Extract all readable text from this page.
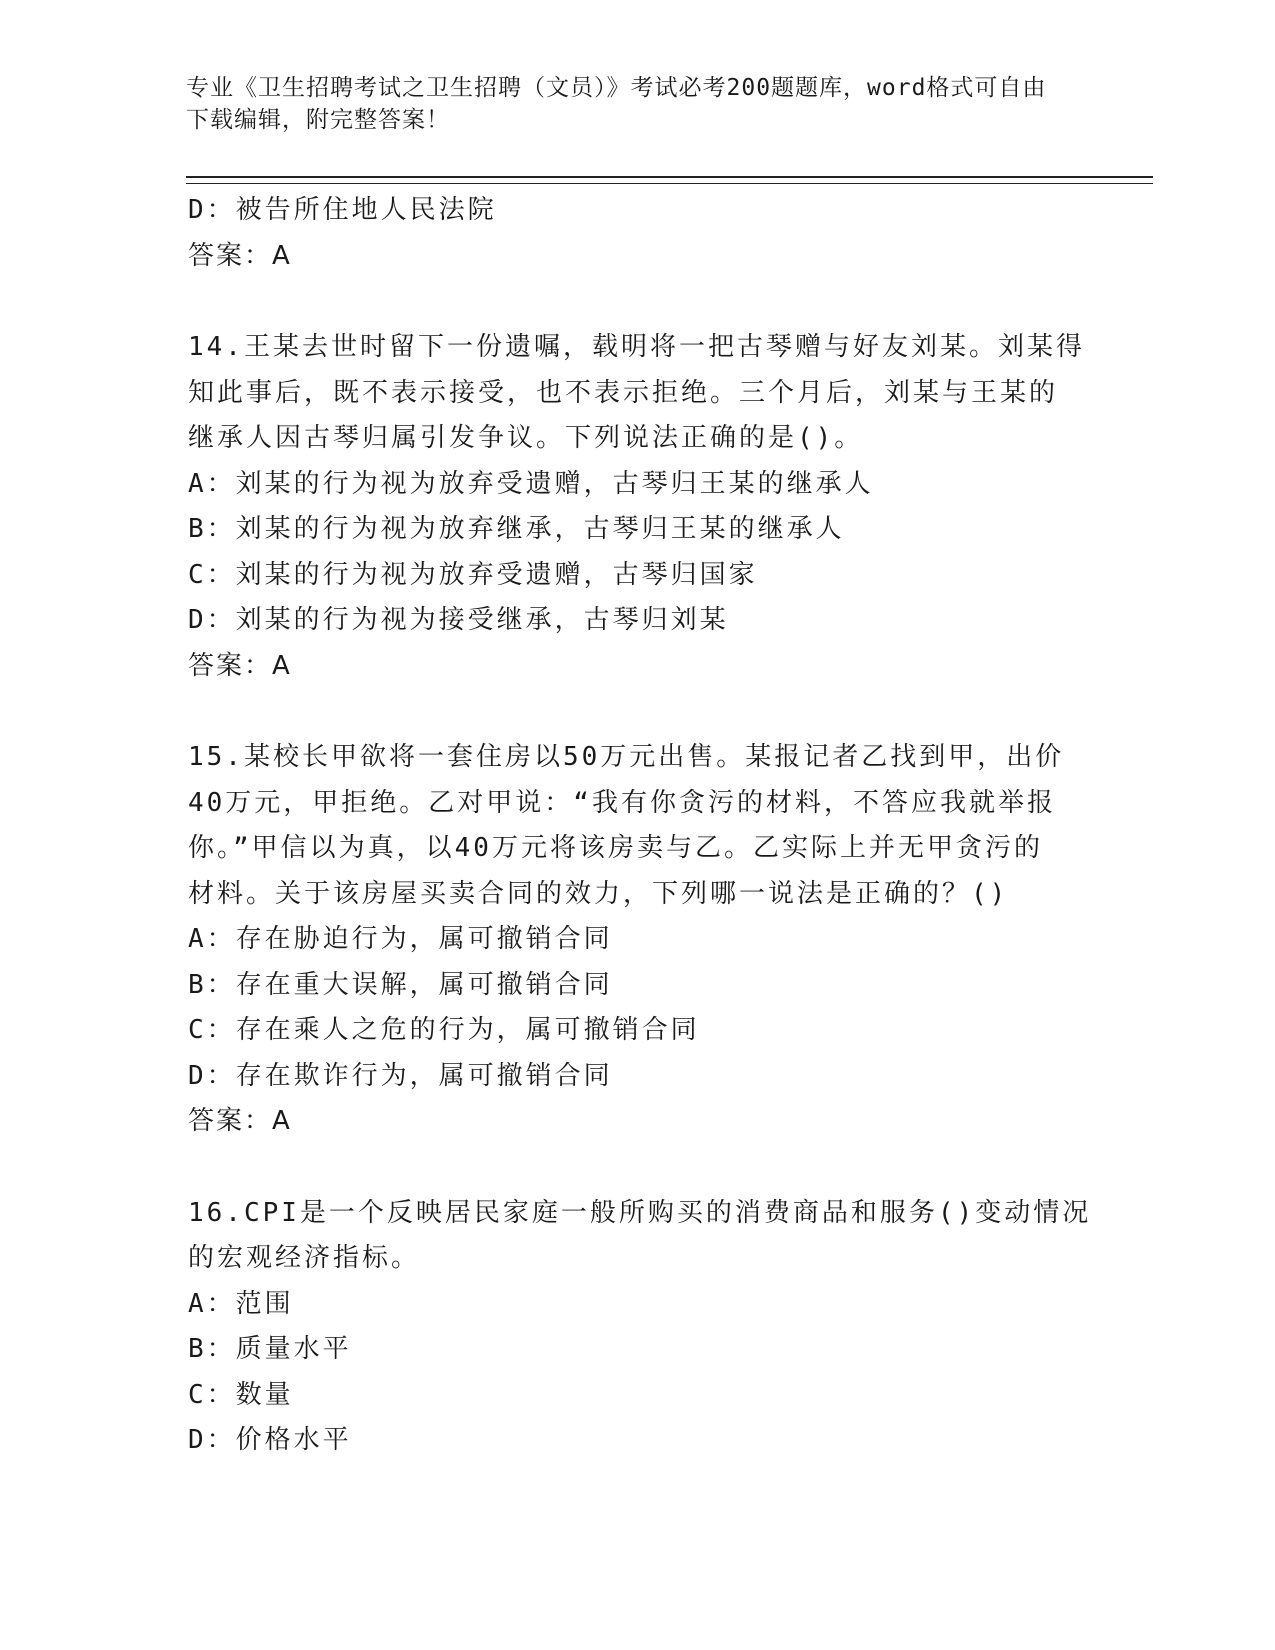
专业《卫生招聘考试之卫生招聘（文员）》考试必考200题题库，word格式可自由下载编辑，附完整答案！
D：被告所住地人民法院
答案：A
14.王某去世时留下一份遗嘱，载明将一把古琴赠与好友刘某。刘某得
知此事后，既不表示接受，也不表示拒绝。三个月后，刘某与王某的
继承人因古琴归属引发争议。下列说法正确的是()。
A：刘某的行为视为放弃受遗赠，古琴归王某的继承人
B：刘某的行为视为放弃继承，古琴归王某的继承人
C：刘某的行为视为放弃受遗赠，古琴归国家
D：刘某的行为视为接受继承，古琴归刘某
答案：A
15.某校长甲欲将一套住房以50万元出售。某报记者乙找到甲，出价
40万元，甲拒绝。乙对甲说：“我有你贪污的材料，不答应我就举报
你。”甲信以为真，以40万元将该房卖与乙。乙实际上并无甲贪污的
材料。关于该房屋买卖合同的效力，下列哪一说法是正确的？()
A：存在胁迫行为，属可撤销合同
B：存在重大误解，属可撤销合同
C：存在乘人之危的行为，属可撤销合同
D：存在欺诈行为，属可撤销合同
答案：A
16.CPI是一个反映居民家庭一般所购买的消费商品和服务()变动情况
的宏观经济指标。
A：范围
B：质量水平
C：数量
D：价格水平
